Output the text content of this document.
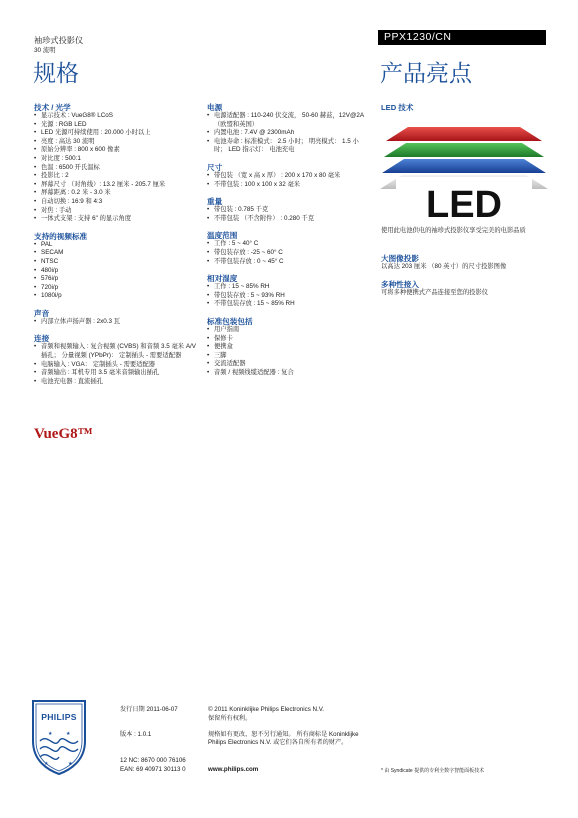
袖珍式投影仪
30 流明
PPX1230/CN
规格	产品亮点
技术 / 光学
• 显示技术 : VueG8® LCoS
• 光源 : RGB LED
• LED 光源可持续使用 : 20.000 小时以上
• 亮度 : 高达 30 流明
• 原始分辨率 : 800 x 600 像素
• 对比度 : 500:1
• 色温 : 6500 开氏温标
• 投影比 : 2
• 屏幕尺寸 （对角线）: 13.2 厘米 - 205.7 厘米
• 屏幕距离 : 0.2 米 - 3.0 米
• 自动切换 : 16:9 和 4:3
• 对焦 : 手动
• 一体式支架 : 支持 6" 的显示角度
支持的视频标准
• PAL
• SECAM
• NTSC
• 480i/p
• 576i/p
• 720i/p
• 1080i/p
声音
• 内部立体声扬声器 : 2x0.3 瓦
连接
• 音频和视频输入 : 复合视频 (CVBS) 和音频 3.5 毫米 A/V 插孔； 分量视频 (YPbPr)： 定制插头 - 需要适配器
• 电脑输入 : VGA： 定制插头 - 需要适配器
• 音频输出 : 耳机专用 3.5 毫米音频输出插孔
• 电池充电器 : 直流插孔
电源
• 电源适配器 : 110-240 伏交流， 50-60 赫兹，12V@2A （欧盟和英国）
• 内置电池 : 7.4V @ 2300mAh
• 电池寿命 : 标准模式： 2.5 小时； 明亮模式： 1.5 小时； LED 指示灯： 电池充电
尺寸
• 带包装 （宽 x 高 x 厚） : 200 x 170 x 80 毫米
• 不带包装 : 100 x 100 x 32 毫米
重量
• 带包装 : 0.785 千克
• 不带包装 （不含附件） : 0.280 千克
温度范围
• 工作 : 5 ~ 40° C
• 带包装存放 : -25 ~ 60° C
• 不带包装存放 : 0 ~ 45° C
相对湿度
• 工作 : 15 ~ 85% RH
• 带包装存放 : 5 ~ 93% RH
• 不带包装存放 : 15 ~ 85% RH
标准包装包括
• 用户指南
• 保修卡
• 便携盒
• 三脚
• 交流适配器
• 音频 / 视频线缆适配器 : 复合
LED 技术
LED
使用此电池供电的袖珍式投影仪享受完美的电影品质
大图像投影
以高达 203 厘米 （80 英寸）的尺寸投影图像
多种性接入
可将多种便携式产品连接至您的投影仪
VueG8™
★	★
★	★
PHILIPS
发行日期 2011-06-07
版本 : 1.0.1
12 NC: 8670 000 76106
EAN: 69 40971 30113 0
© 2011 Koninklijke Philips Electronics N.V.
保留所有权利。
规格如有更改，恕不另行通知。 所有商标是 Koninklijke Philips Electronics N.V. 或它们各自所有者的财产。
www.philips.com	* 由 Syndicate 提供的专利全数字智能面板技术
